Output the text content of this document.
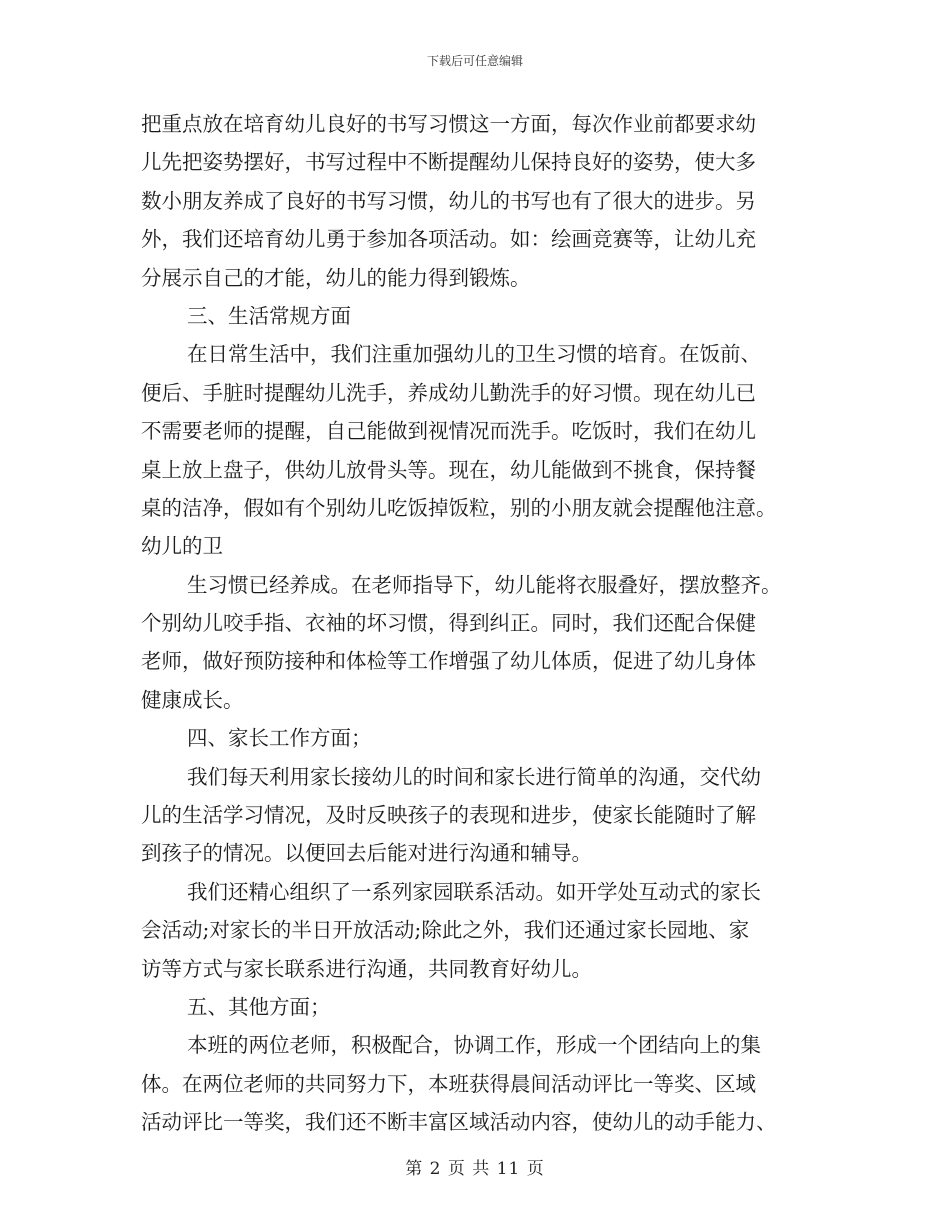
下载后可任意编辑
把重点放在培育幼儿良好的书写习惯这一方面，每次作业前都要求幼
儿先把姿势摆好，书写过程中不断提醒幼儿保持良好的姿势，使大多
数小朋友养成了良好的书写习惯，幼儿的书写也有了很大的进步。另
外，我们还培育幼儿勇于参加各项活动。如：绘画竞赛等，让幼儿充
分展示自己的才能，幼儿的能力得到锻炼。
三、生活常规方面
在日常生活中，我们注重加强幼儿的卫生习惯的培育。在饭前、
便后、手脏时提醒幼儿洗手，养成幼儿勤洗手的好习惯。现在幼儿已
不需要老师的提醒，自己能做到视情况而洗手。吃饭时，我们在幼儿
桌上放上盘子，供幼儿放骨头等。现在，幼儿能做到不挑食，保持餐
桌的洁净，假如有个别幼儿吃饭掉饭粒，别的小朋友就会提醒他注意。
幼儿的卫
生习惯已经养成。在老师指导下，幼儿能将衣服叠好，摆放整齐。
个别幼儿咬手指、衣袖的坏习惯，得到纠正。同时，我们还配合保健
老师，做好预防接种和体检等工作增强了幼儿体质，促进了幼儿身体
健康成长。
四、家长工作方面；
我们每天利用家长接幼儿的时间和家长进行简单的沟通，交代幼
儿的生活学习情况，及时反映孩子的表现和进步，使家长能随时了解
到孩子的情况。以便回去后能对进行沟通和辅导。
我们还精心组织了一系列家园联系活动。如开学处互动式的家长
会活动;对家长的半日开放活动;除此之外，我们还通过家长园地、家
访等方式与家长联系进行沟通，共同教育好幼儿。
五、其他方面；
本班的两位老师，积极配合，协调工作，形成一个团结向上的集
体。在两位老师的共同努力下，本班获得晨间活动评比一等奖、区域
活动评比一等奖，我们还不断丰富区域活动内容，使幼儿的动手能力、
第 2 页 共 11 页
